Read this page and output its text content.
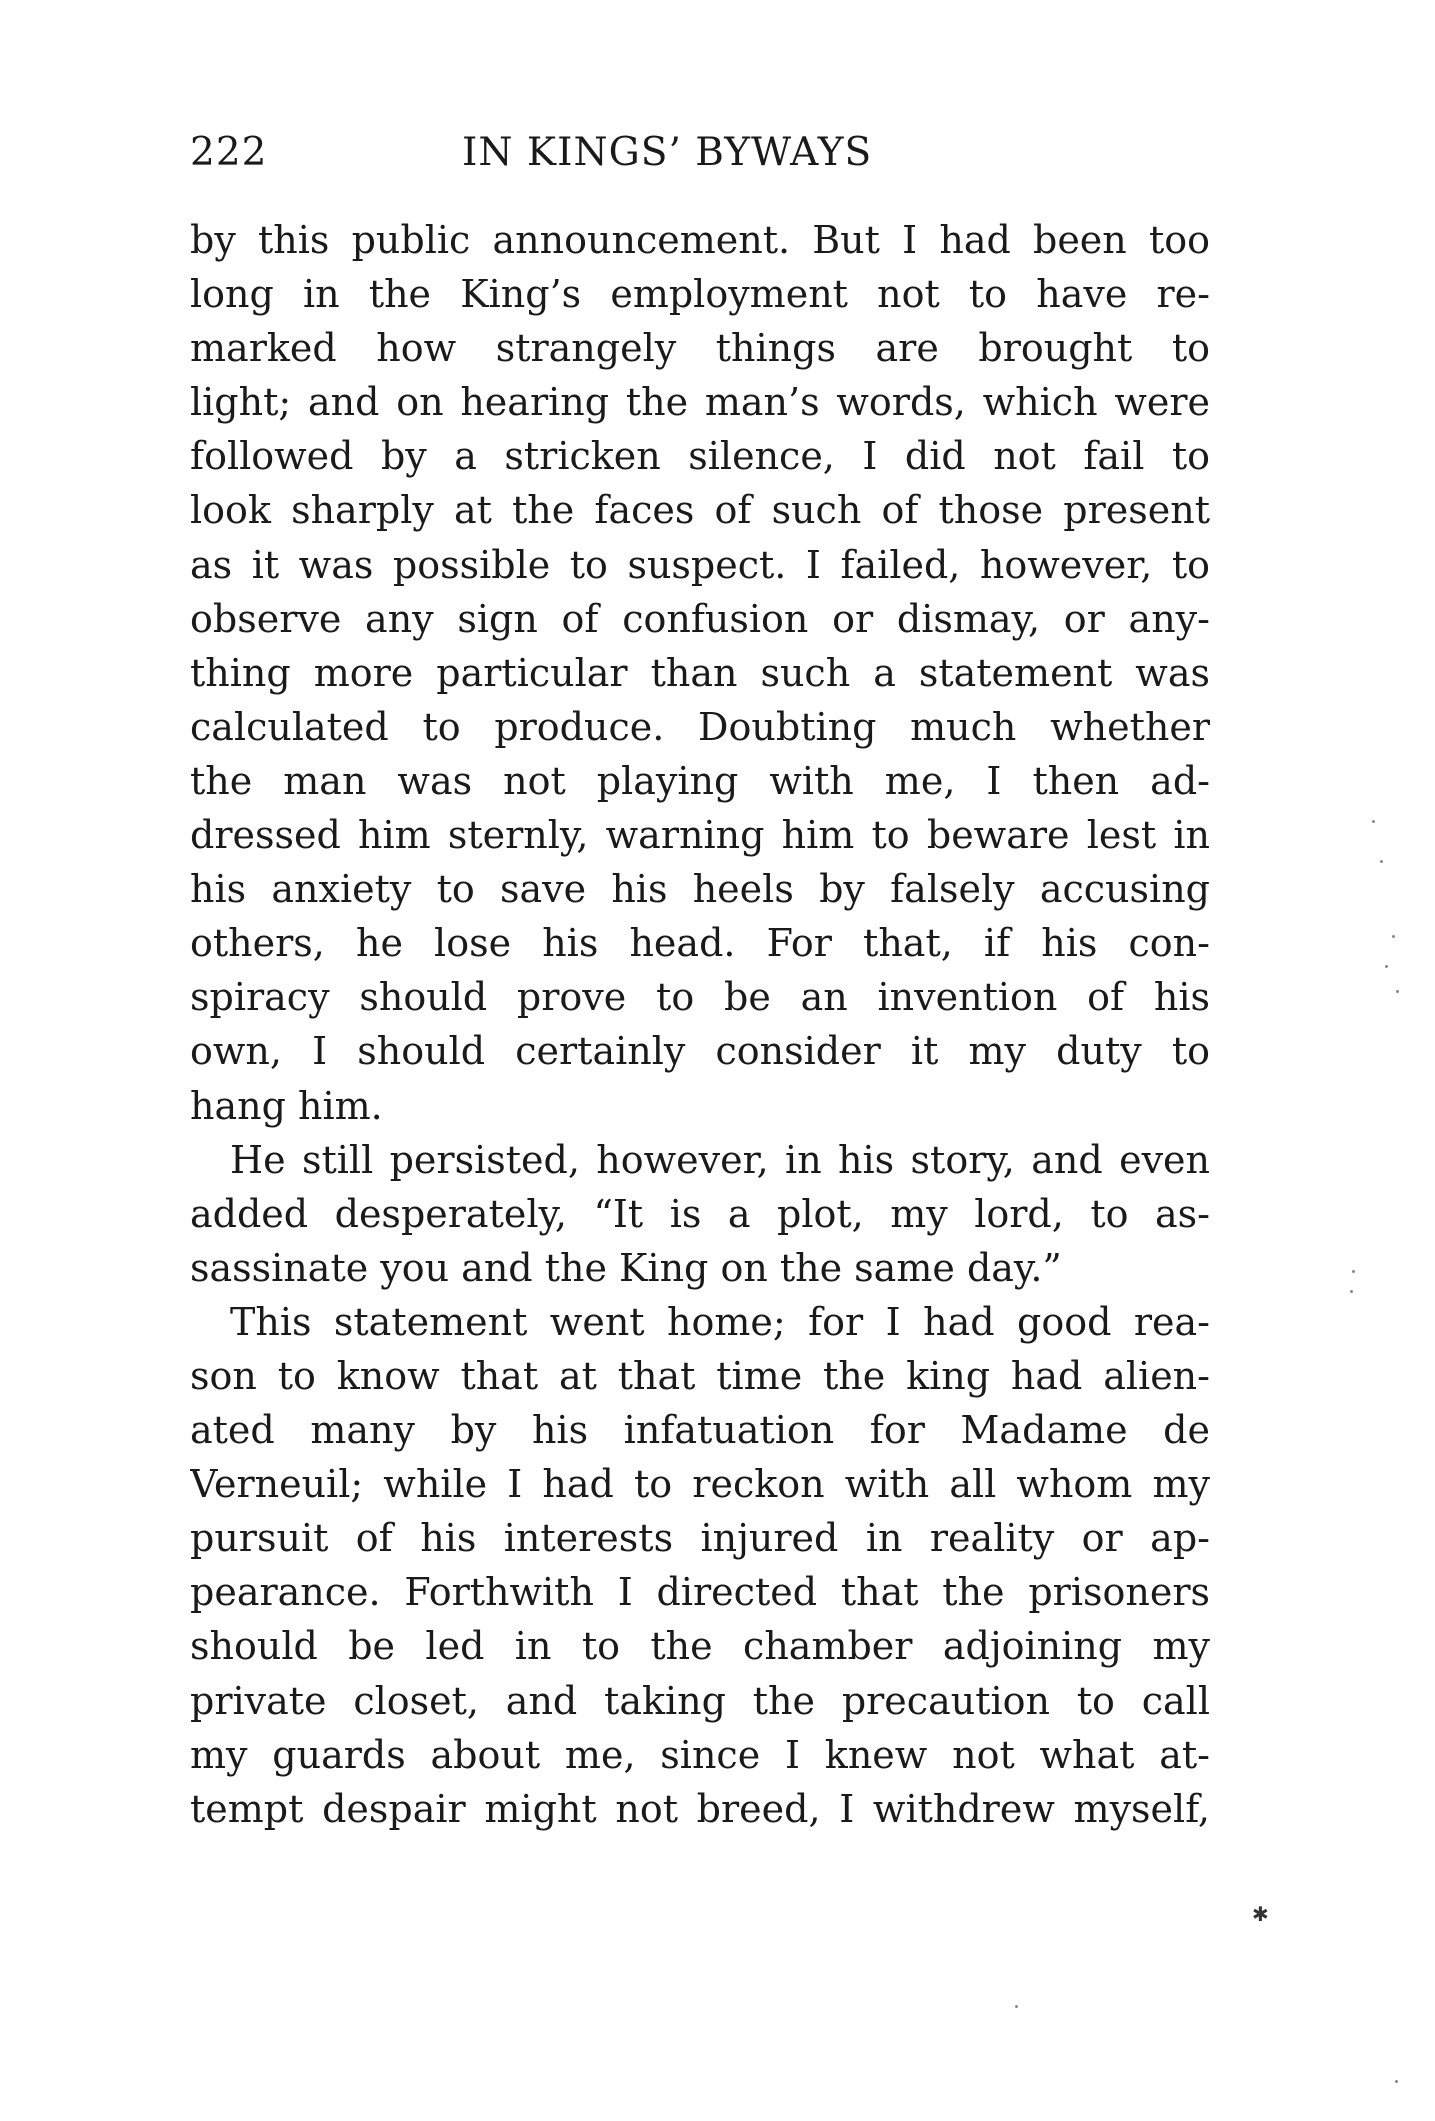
222	IN KINGS’ BYWAYS
by this public announcement. But I had been too
long in the King’s employment not to have re-
marked how strangely things are brought to
light; and on hearing the man’s words, which were
followed by a stricken silence, I did not fail to
look sharply at the faces of such of those present
as it was possible to suspect. I failed, however, to
observe any sign of confusion or dismay, or any-
thing more particular than such a statement was
calculated to produce. Doubting much whether
the man was not playing with me, I then ad-
dressed him sternly, warning him to beware lest in
his anxiety to save his heels by falsely accusing
others, he lose his head. For that, if his con-
spiracy should prove to be an invention of his
own, I should certainly consider it my duty to
hang him.
He still persisted, however, in his story, and even
added desperately, “It is a plot, my lord, to as-
sassinate you and the King on the same day.”
This statement went home; for I had good rea-
son to know that at that time the king had alien-
ated many by his infatuation for Madame de
Verneuil; while I had to reckon with all whom my
pursuit of his interests injured in reality or ap-
pearance. Forthwith I directed that the prisoners
should be led in to the chamber adjoining my
private closet, and taking the precaution to call
my guards about me, since I knew not what at-
tempt despair might not breed, I withdrew myself,
✱
